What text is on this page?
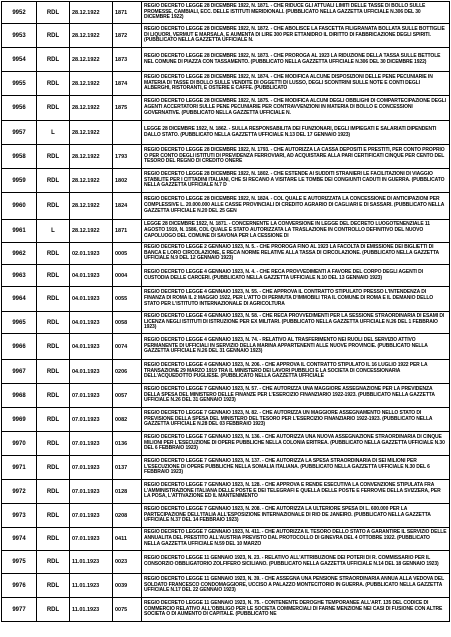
9952	RDL	28.12.1922	1871	REGIO DECRETO LEGGE 28 DICEMBRE 1922, N. 1871. - CHE RIDUCE GLI ATTUALI LIMITI DELLE TASSE DI BOLLO SULLE PROMESSE, CAMBIALI, ECC. DELLE ISTITUTI MERIDIONALI. (PUBBLICATO NELLA GAZZETTA UFFICIALE N.306 DEL 30 DICEMBRE 1922)
9953	RDL	28.12.1922	1872	REGIO DECRETO LEGGE 28 DICEMBRE 1922, N. 1872. - CHE ABOLISCE LA FASCETTA FILIGRANATA BOLLATA SULLE BOTTIGLIE DI LIQUORI, VERMUT E MARSALA, E AUMENTA DI LIRE 300 PER ETTANIDRO IL DIRITTO DI FABBRICAZIONE DEGLI SPIRITI. (PUBBLICATO NELLA GAZZETTA UFFICIALE N.
9954	RDL	28.12.1922	1873	REGIO DECRETO LEGGE 28 DICEMBRE 1922, N. 1873. - CHE PROROGA AL 1923 LA RIDUZIONE DELLA TASSA SULLE BETTOLE NEL COMUNE DI PIAZZA CON TASSAMENTO. (PUBBLICATO NELLA GAZZETTA UFFICIALE N.306 DEL 30 DICEMBRE 1922)
9955	RDL	28.12.1922	1874	REGIO DECRETO LEGGE 28 DICEMBRE 1922, N. 1874. - CHE MODIFICA ALCUNE DISPOSIZIONI DELLE PENE PECUNIARIE IN MATERIA DI TASSE DI BOLLO SULLE VENDITE DI OGGETTI DI LUSSO, DEGLI SCONTRINI SULLE NOTE E CONTI DEGLI ALBERGHI, RISTORANTI, E OSTERIE E CAFFE. (PUBBLICATO
9956	RDL	28.12.1922	1875	REGIO DECRETO LEGGE 28 DICEMBRE 1922, N. 1875. - CHE MODIFICA ALCUNI DEGLI OBBLIGHI DI COMPARTECIPAZIONE DEGLI AGENTI ACCERTATORI SULLE PENE PECUNIARIE PER CONTRAVVENZIONI IN MATERIA DI BOLLO E CONCESSIONI GOVERNATIVE. (PUBBLICATO NELLA GAZZETTA UFFICIALE N.
9957	L	28.12.1922		LEGGE 28 DICEMBRE 1922, N. 1862. - SULLA RESPONSABILITA DEI FUNZIONARI, DEGLI IMPIEGATI E SALARIATI DIPENDENTI DALLO STATO. (PUBBLICATO NELLA GAZZETTA UFFICIALE N.13 DEL 17 GENNAIO 1923)
9958	RDL	28.12.1922	1793	REGIO DECRETO LEGGE 28 DICEMBRE 1922, N. 1793. - CHE AUTORIZZA LA CASSA DEPOSITI E PRESTITI, PER CONTO PROPRIO O PER CONTO DEGLI ISTITUTI DI PREVIDENZA FERROVIARI, AD ACQUISTARE ALLA PARI CERTIFICATI CINQUE PER CENTO DEL TESORO DEL REGNO DI CREDITO ONERE
9959	RDL	28.12.1922	1802	REGIO DECRETO LEGGE 28 DICEMBRE 1922, N. 1802. - CHE ESTENDE AI SUDDITI STRANIERI LE FACILITAZIONI DI VIAGGIO STABILITE PER I CITTADINI ITALIANI, CHE SI RECANO A VISITARE LE TOMBE DEI CONGIUNTI CADUTI IN GUERRA. (PUBBLICATO NELLA GAZZETTA UFFICIALE N.7 D
9960	RDL	28.12.1922	1824	REGIO DECRETO LEGGE 28 DICEMBRE 1922, N. 1824. - COL QUALE E AUTORIZZATA LA CONCESSIONE DI ANTICIPAZIONI PER COMPLESSIVE L. 20.000.000 ALLE CASSE PROVINCIALI DI CREDITO AGRARIO DI CAGLIARI E DI SASSARI. (PUBBLICATO NELLA GAZZETTA UFFICIALE N.20 DEL 25 GEN
9961	L	28.12.1922	1871	LEGGE 28 DICEMBRE 1922, N. 1871. - CONCERNENTE LA CONVERSIONE IN LEGGE DEL DECRETO LUOGOTENENZIALE 11 AGOSTO 1919, N. 1586, COL QUALE E STATO AUTORIZZATA LA TRASLAZIONE IN CONTROLLO DEFINITIVO DEL NUOVO CAPOLUOGO DEL COMUNE DI SAVONA PER LA CESSIONE DI
9962	RDL	02.01.1923	0005	REGIO DECRETO LEGGE 2 GENNAIO 1923, N. 5. - CHE PROROGA FINO AL 1923 LA FACOLTA DI EMISSIONE DEI BIGLIETTI DI BANCA E LORO CIRCOLAZIONE, E RECA NORME RELATIVE ALLA TASSA DI CIRCOLAZIONE. (PUBBLICATO NELLA GAZZETTA UFFICIALE N.9 DEL 12 GENNAIO 1923)
9963	RDL	04.01.1923	0004	REGIO DECRETO LEGGE 4 GENNAIO 1923, N. 4. - CHE RECA PROVVEDIMENTI A FAVORE DEL CORPO DEGLI AGENTI DI CUSTODIA DELLE CARCERI. (PUBBLICATO NELLA GAZZETTA UFFICIALE N.10 DEL 13 GENNAIO 1923)
9964	RDL	04.01.1923	0055	REGIO DECRETO LEGGE 4 GENNAIO 1923, N. 55. - CHE APPROVA IL CONTRATTO STIPULATO PRESSO L'INTENDENZA DI FINANZA DI ROMA IL 2 MAGGIO 1922, PER L'ATTO DI PERMUTA D'IMMOBILI TRA IL COMUNE DI ROMA E IL DEMANIO DELLO STATO PER L'ISTITUTO INTERNAZIONALE DI AGRICOLTURA
9965	RDL	04.01.1923	0058	REGIO DECRETO LEGGE 4 GENNAIO 1923, N. 58. - CHE RECA PROVVEDIMENTI PER LA SESSIONE STRAORDINARIA DI ESAMI DI LICENZA NEGLI ISTITUTI DI ISTRUZIONE PER EX MILITARI. (PUBBLICATO NELLA GAZZETTA UFFICIALE N.26 DEL 1 FEBBRAIO 1923)
9966	RDL	04.01.1923	0074	REGIO DECRETO LEGGE 4 GENNAIO 1923, N. 74. - RELATIVO AL TRASFERIMENTO NEI RUOLI DEL SERVIZIO ATTIVO PERMANENTE DI UFFICIALI IN SERVIZIO DELLA MARINA APPARTENENTI ALLE NUOVE PROVINCIE. (PUBBLICATO NELLA GAZZETTA UFFICIALE N.26 DEL 31 GENNAIO 1923)
9967	RDL	04.01.1923	0206	REGIO DECRETO LEGGE 4 GENNAIO 1923, N. 206. - CHE APPROVA IL CONTRATTO STIPULATO IL 16 LUGLIO 1922 PER LA TRANSAZIONE 29 MARZO 1919 TRA IL MINISTERO DEI LAVORI PUBBLICI E LA SOCIETA DI CONCESSIONARIA DELL'ACQUEDOTTO PUGLIESE. (PUBBLICATO NELLA GAZZETTA UFFICIALE
9968	RDL	07.01.1923	0057	REGIO DECRETO LEGGE 7 GENNAIO 1923, N. 57. - CHE AUTORIZZA UNA MAGGIORE ASSEGNAZIONE PER LA PREVIDENZA DELLA SPESA DEL MINISTERO DELLE FINANZE PER L'ESERCIZIO FINANZIARIO 1922-1923. (PUBBLICATO NELLA GAZZETTA UFFICIALE N.26 DEL 31 GENNAIO 1923)
9969	RDL	07.01.1923	0082	REGIO DECRETO LEGGE 7 GENNAIO 1923, N. 82. - CHE AUTORIZZA UN MAGGIORE ASSEGNAMENTO NELLO STATO DI PREVISIONE DELLA SPESA DEL MINISTERO DEL TESORO PER L'ESERCIZIO FINANZIARIO 1922-1923. (PUBBLICATO NELLA GAZZETTA UFFICIALE N.28 DEL 03 FEBBRAIO 1923)
9970	RDL	07.01.1923	0136	REGIO DECRETO LEGGE 7 GENNAIO 1923, N. 136. - CHE AUTORIZZA UNA NUOVA ASSEGNAZIONE STRAORDINARIA DI CINQUE MILIONI PER L'ESECUZIONE DI OPERE PUBBLICHE NELLA COLONIA ERITREA. (PUBBLICATO NELLA GAZZETTA UFFICIALE N.30 DEL 6 FEBBRAIO 1923)
9971	RDL	07.01.1923	0137	REGIO DECRETO LEGGE 7 GENNAIO 1923, N. 137. - CHE AUTORIZZA LA SPESA STRAORDINARIA DI SEI MILIONI PER L'ESECUZIONE DI OPERE PUBBLICHE NELLA SOMALIA ITALIANA. (PUBBLICATO NELLA GAZZETTA UFFICIALE N.30 DEL 6 FEBBRAIO 1923)
9972	RDL	07.01.1923	0128	REGIO DECRETO LEGGE 7 GENNAIO 1923, N. 128. - CHE APPROVA E RENDE ESECUTIVA LA CONVENZIONE STIPULATA FRA L'AMMINISTRAZIONE ITALIANA DELLE POSTE E DEI TELEGRAFI E QUELLA DELLE POSTE E FERROVIE DELLA SVIZZERA, PER LA POSA, L'ATTIVAZIONE ED IL MANTENIMENTO
9973	RDL	07.01.1923	0208	REGIO DECRETO LEGGE 7 GENNAIO 1923, N. 208. - CHE AUTORIZZA LA ULTERIORE SPESA DI L. 600.000 PER LA PARTECIPAZIONE DELL'ITALIA ALL'ESPOSIZIONE INTERNAZIONALE DI RIO DE JANEIRO. (PUBBLICATO NELLA GAZZETTA UFFICIALE N.37 DEL 14 FEBBRAIO 1923)
9974	RDL	07.01.1923	0411	REGIO DECRETO LEGGE 7 GENNAIO 1923, N. 411. - CHE AUTORIZZA IL TESORO DELLO STATO A GARANTIRE IL SERVIZIO DELLE ANNUALITA DEL PRESTITO ALL'AUSTRIA PREVISTO DAL PROTOCOLLO DI GINEVRA DEL 4 OTTOBRE 1922. (PUBBLICATO NELLA GAZZETTA UFFICIALE N.59 DEL 10 MARZO
9975	RDL	11.01.1923	0023	REGIO DECRETO LEGGE 11 GENNAIO 1923, N. 23. - RELATIVO ALL'ATTRIBUZIONE DEI POTERI DI R. COMMISSARIO PER IL CONSORZIO OBBLIGATORIO ZOLFIFERO SICILIANO. (PUBBLICATO NELLA GAZZETTA UFFICIALE N.14 DEL 18 GENNAIO 1923)
9976	RDL	11.01.1923	0039	REGIO DECRETO LEGGE 11 GENNAIO 1923, N. 39. - CHE ASSEGNA UNA PENSIONE STRAORDINARIA ANNUA ALLA VEDOVA DEL SOLDATO FRANCESCO CONDOMAGGIORE, UCCISO A PALAZZO MONTECITORIO IN GUERRA. (PUBBLICATO NELLA GAZZETTA UFFICIALE N.17 DEL 22 GENNAIO 1923)
9977	RDL	11.01.1923	0075	REGIO DECRETO LEGGE 11 GENNAIO 1923, N. 75. - CONTENENTE DEROGHE TEMPORANEE ALL'ART. 135 DEL CODICE DI COMMERCIO RELATIVO ALL'OBBLIGO PER LE SOCIETA COMMERCIALI DI FARNE MENZIONE NEI CASI DI FUSIONE CON ALTRE SOCIETA O DI AUMENTO DI CAPITALE. (PUBBLICATO NE
